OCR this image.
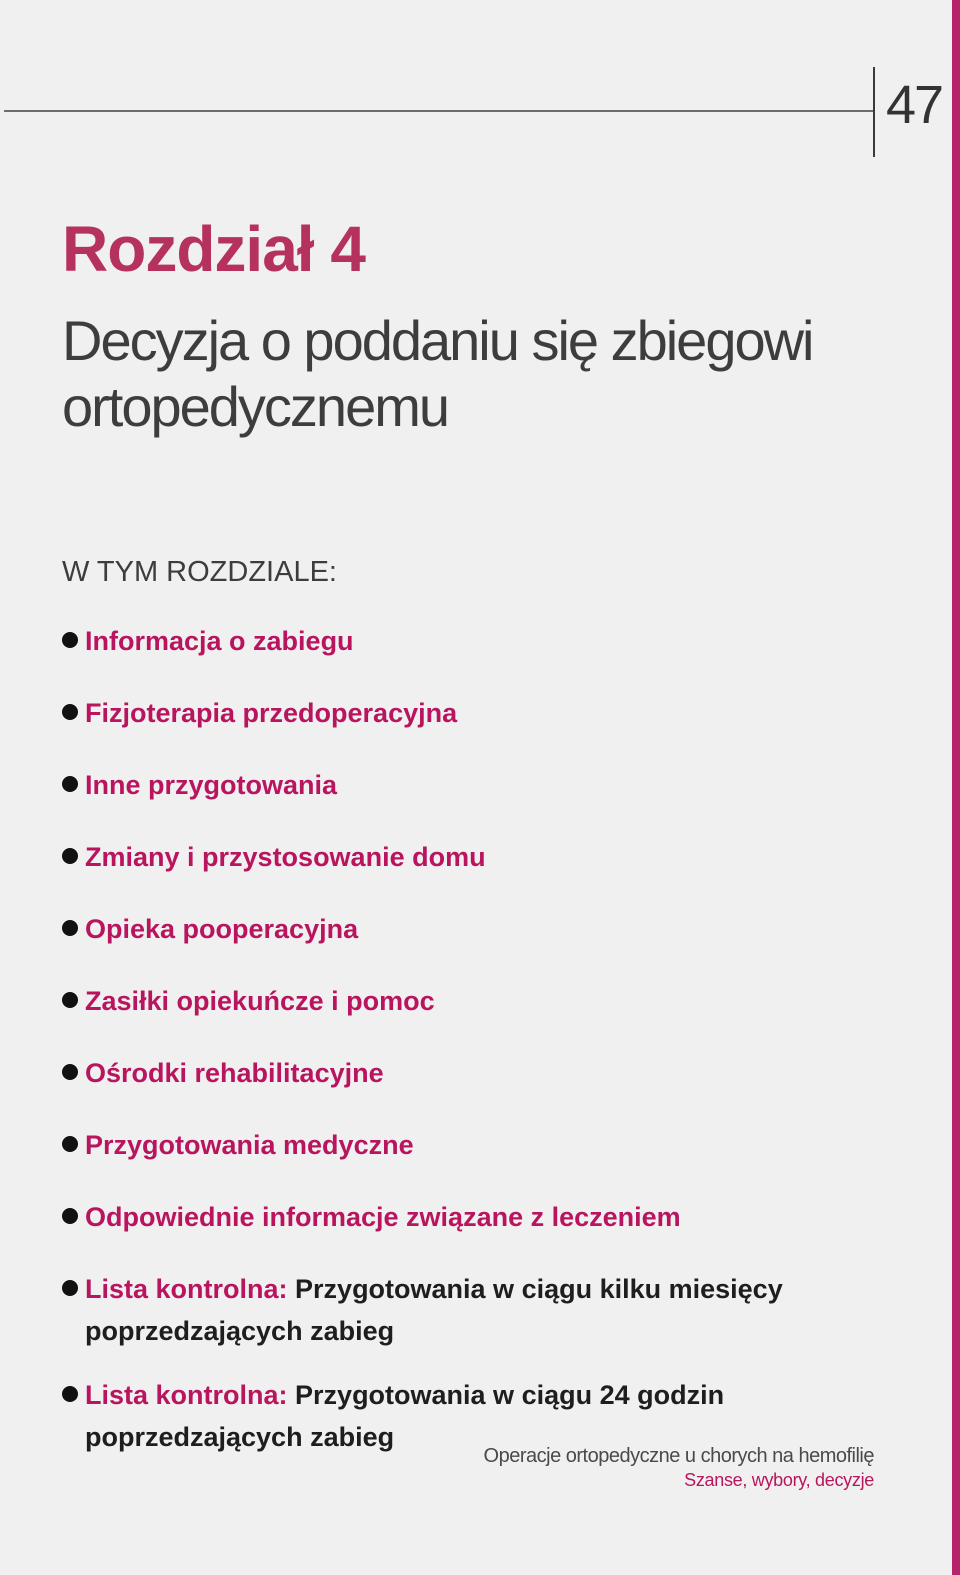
47
Rozdział 4
Decyzja o poddaniu się zbiegowi ortopedycznemu
W TYM ROZDZIALE:
Informacja o zabiegu
Fizjoterapia przedoperacyjna
Inne przygotowania
Zmiany i przystosowanie domu
Opieka pooperacyjna
Zasiłki opiekuńcze i pomoc
Ośrodki rehabilitacyjne
Przygotowania medyczne
Odpowiednie informacje związane z leczeniem
Lista kontrolna: Przygotowania w ciągu kilku miesięcy poprzedzających zabieg
Lista kontrolna: Przygotowania w ciągu 24 godzin poprzedzających zabieg
Operacje ortopedyczne u chorych na hemofilię
Szanse, wybory, decyzje
